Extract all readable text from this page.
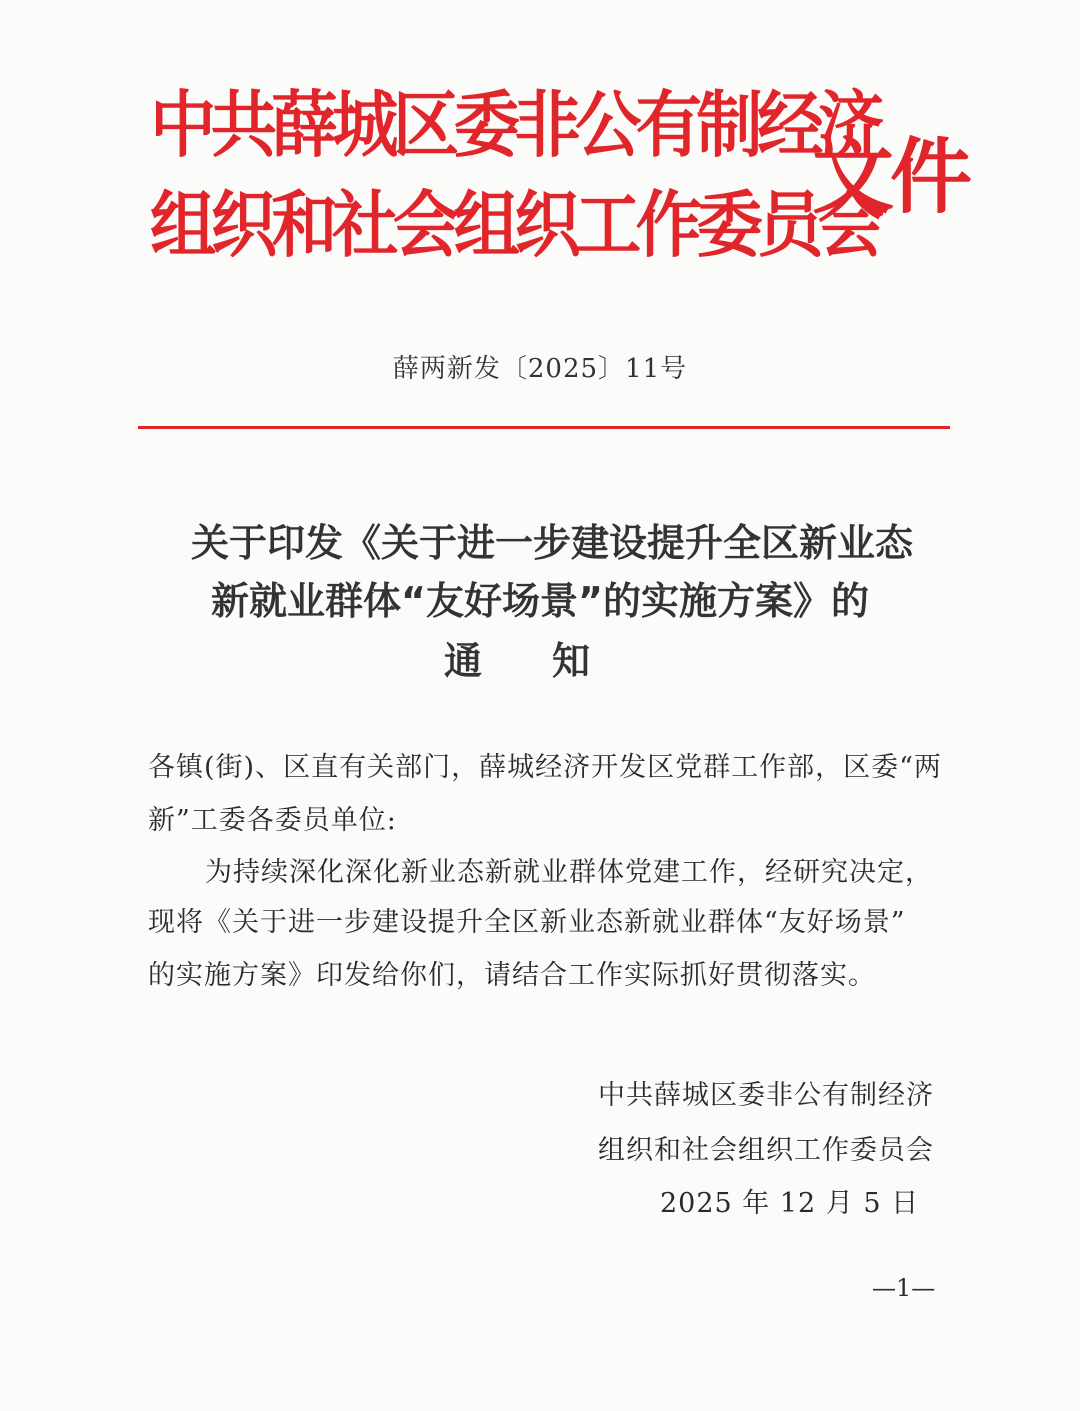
中共薛城区委非公有制经济
组织和社会组织工作委员会
文件
薛两新发〔2025〕11号
关于印发《关于进一步建设提升全区新业态
新就业群体“友好场景”的实施方案》的
通知
各镇(街)、区直有关部门，薛城经济开发区党群工作部，区委“两
新”工委各委员单位:
为持续深化深化新业态新就业群体党建工作，经研究决定，
现将《关于进一步建设提升全区新业态新就业群体“友好场景”
的实施方案》印发给你们，请结合工作实际抓好贯彻落实。
中共薛城区委非公有制经济
组织和社会组织工作委员会
2025 年 12 月 5 日
—1—
